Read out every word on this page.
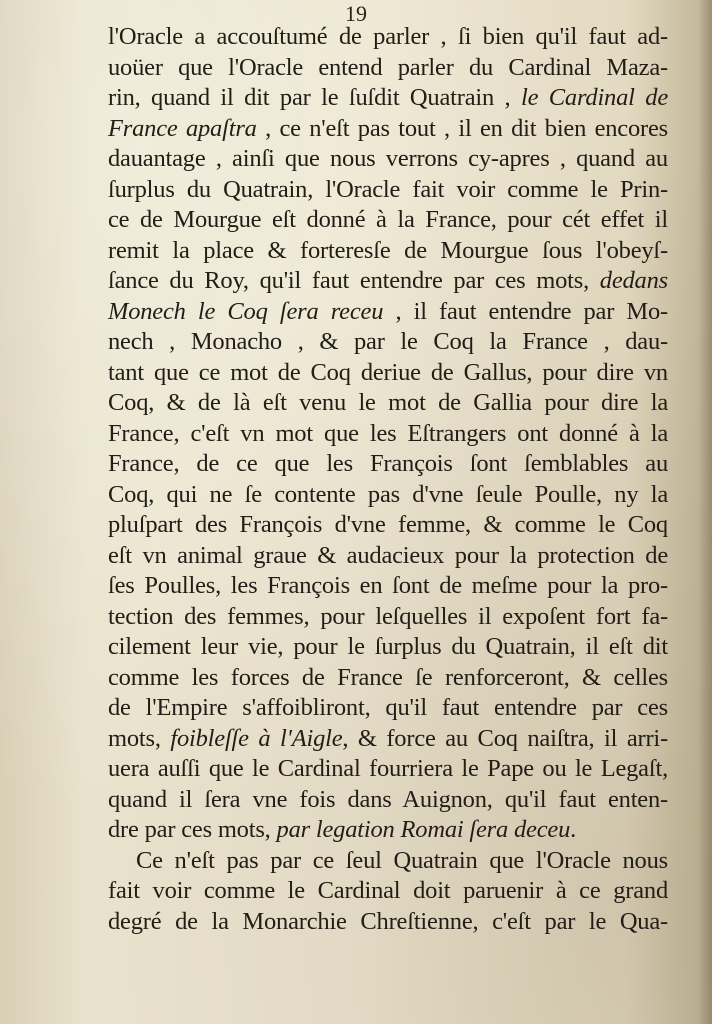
19
l'Oracle a accouſtumé de parler , ſi bien qu'il faut ad-
uoüer que l'Oracle entend parler du Cardinal Maza-
rin, quand il dit par le ſuſdit Quatrain , le Cardinal de
France apaſtra , ce n'eſt pas tout , il en dit bien encores
dauantage , ainſi que nous verrons cy-apres , quand au
ſurplus du Quatrain, l'Oracle fait voir comme le Prin-
ce de Mourgue eſt donné à la France, pour cét effet il
remit la place & forteresſe de Mourgue ſous l'obeyſ-
ſance du Roy, qu'il faut entendre par ces mots, dedans
Monech le Coq ſera receu , il faut entendre par Mo-
nech , Monacho , & par le Coq la France , dau-
tant que ce mot de Coq deriue de Gallus, pour dire vn
Coq, & de là eſt venu le mot de Gallia pour dire la
France, c'eſt vn mot que les Eſtrangers ont donné à la
France, de ce que les François ſont ſemblables au
Coq, qui ne ſe contente pas d'vne ſeule Poulle, ny la
pluſpart des François d'vne femme, & comme le Coq
eſt vn animal graue & audacieux pour la protection de
ſes Poulles, les François en ſont de meſme pour la pro-
tection des femmes, pour leſquelles il expoſent fort fa-
cilement leur vie, pour le ſurplus du Quatrain, il eſt dit
comme les forces de France ſe renforceront, & celles
de l'Empire s'affoibliront, qu'il faut entendre par ces
mots, foibleſſe à l'Aigle, & force au Coq naiſtra, il arri-
uera auſſi que le Cardinal fourriera le Pape ou le Legaſt,
quand il ſera vne fois dans Auignon, qu'il faut enten-
dre par ces mots, par legation Romai ſera deceu.
Ce n'eſt pas par ce ſeul Quatrain que l'Oracle nous
fait voir comme le Cardinal doit paruenir à ce grand
degré de la Monarchie Chreſtienne, c'eſt par le Qua-
